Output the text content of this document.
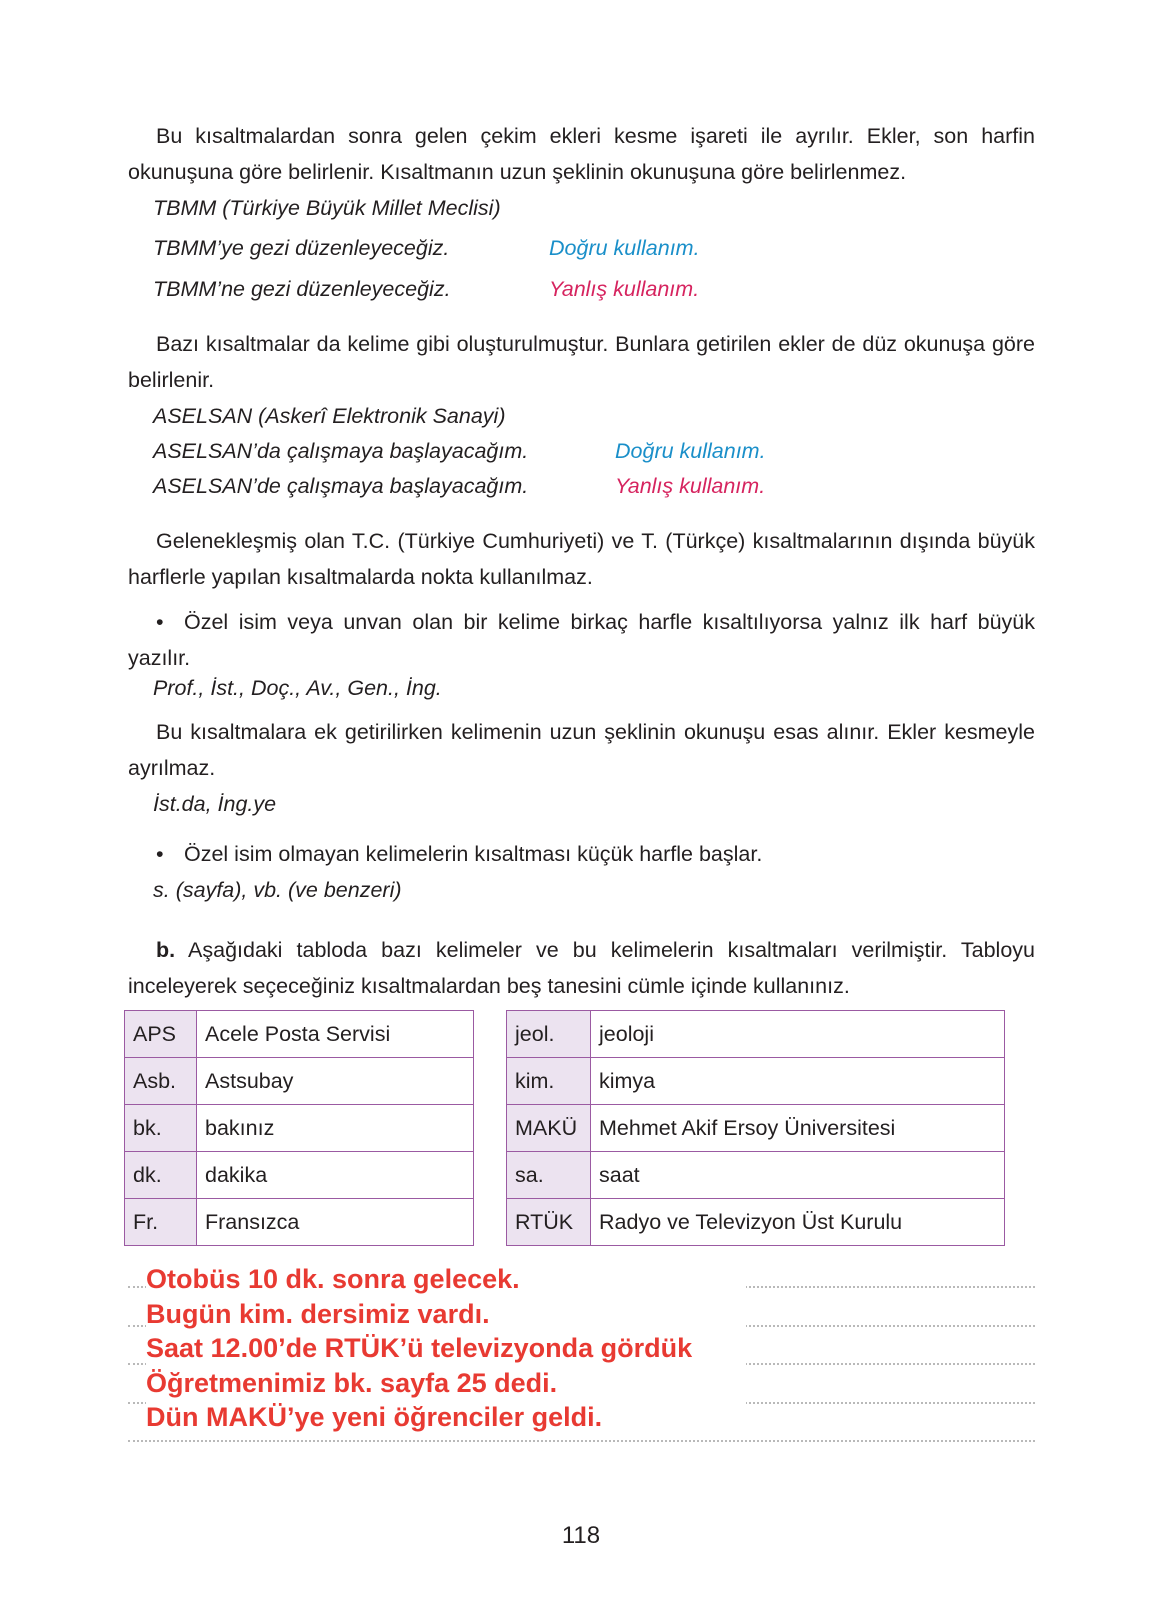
Bu kısaltmalardan sonra gelen çekim ekleri kesme işareti ile ayrılır. Ekler, son harfin okunuşuna göre belirlenir. Kısaltmanın uzun şeklinin okunuşuna göre belirlenmez.
TBMM (Türkiye Büyük Millet Meclisi)
TBMM’ye gezi düzenleyeceğiz.	Doğru kullanım.
TBMM’ne gezi düzenleyeceğiz.	Yanlış kullanım.
Bazı kısaltmalar da kelime gibi oluşturulmuştur. Bunlara getirilen ekler de düz okunuşa göre belirlenir.
ASELSAN (Askerî Elektronik Sanayi)
ASELSAN’da çalışmaya başlayacağım.	Doğru kullanım.
ASELSAN’de çalışmaya başlayacağım.	Yanlış kullanım.
Gelenekleşmiş olan T.C. (Türkiye Cumhuriyeti) ve T. (Türkçe) kısaltmalarının dışında büyük harflerle yapılan kısaltmalarda nokta kullanılmaz.
• Özel isim veya unvan olan bir kelime birkaç harfle kısaltılıyorsa yalnız ilk harf büyük yazılır.
Prof., İst., Doç., Av., Gen., İng.
Bu kısaltmalara ek getirilirken kelimenin uzun şeklinin okunuşu esas alınır. Ekler kesmeyle ayrılmaz.
İst.da, İng.ye
• Özel isim olmayan kelimelerin kısaltması küçük harfle başlar.
s. (sayfa), vb. (ve benzeri)
b. Aşağıdaki tabloda bazı kelimeler ve bu kelimelerin kısaltmaları verilmiştir. Tabloyu inceleyerek seçeceğiniz kısaltmalardan beş tanesini cümle içinde kullanınız.
APS	Acele Posta Servisi
Asb.	Astsubay
bk.	bakınız
dk.	dakika
Fr.	Fransızca
jeol.	jeoloji
kim.	kimya
MAKÜ	Mehmet Akif Ersoy Üniversitesi
sa.	saat
RTÜK	Radyo ve Televizyon Üst Kurulu
Otobüs 10 dk. sonra gelecek.
Bugün kim. dersimiz vardı.
Saat 12.00’de RTÜK’ü televizyonda gördük
Öğretmenimiz bk. sayfa 25 dedi.
Dün MAKÜ’ye yeni öğrenciler geldi.
118
